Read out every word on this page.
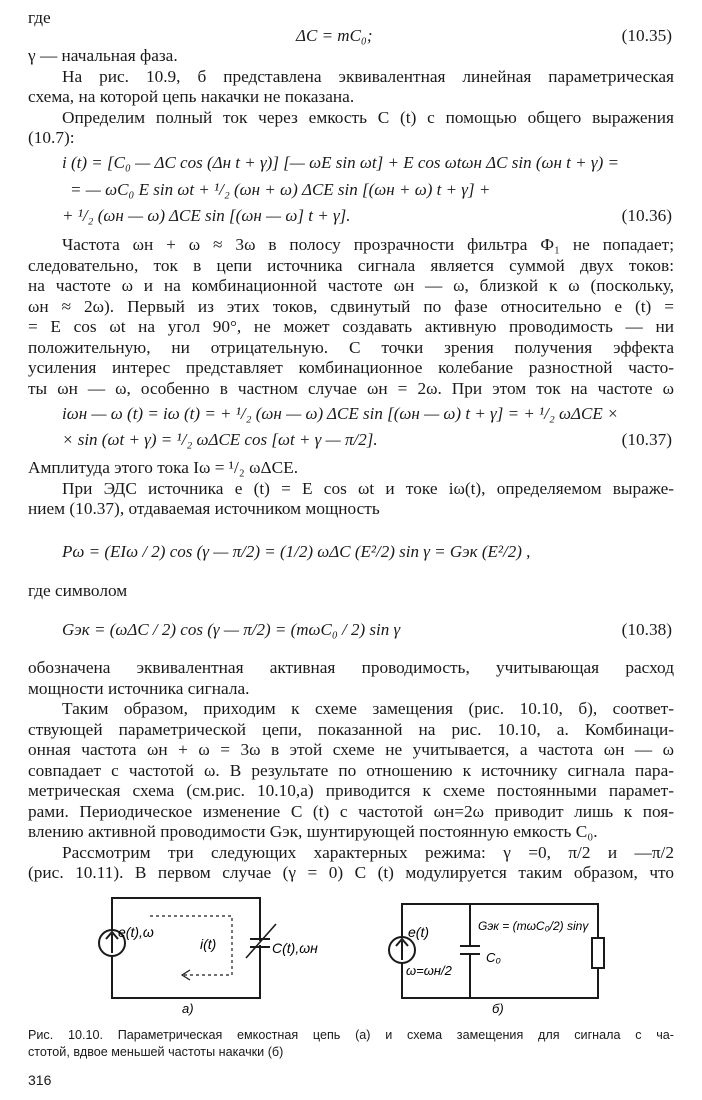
где
ΔC = mC₀;	(10.35)
γ — начальная фаза.
На рис. 10.9, б представлена эквивалентная линейная параметрическая
схема, на которой цепь накачки не показана.
Определим полный ток через емкость C (t) с помощью общего выражения
(10.7):
i (t) = [C₀ — ΔC cos (Δн t + γ)] [— ωE sin ωt] + E cos ωtωн ΔC sin (ωн t + γ) =
= — ωC₀ E sin ωt + ¹/₂ (ωн + ω) ΔCE sin [(ωн + ω) t + γ] +
+ ¹/₂ (ωн — ω) ΔCE sin [(ωн — ω] t + γ].	(10.36)
Частота ωн + ω ≈ 3ω в полосу прозрачности фильтра Ф₁ не попадает;
следовательно, ток в цепи источника сигнала является суммой двух токов:
на частоте ω и на комбинационной частоте ωн — ω, близкой к ω (поскольку,
ωн ≈ 2ω). Первый из этих токов, сдвинутый по фазе относительно e (t) =
= E cos ωt на угол 90°, не может создавать активную проводимость — ни
положительную, ни отрицательную. С точки зрения получения эффекта
усиления интерес представляет комбинационное колебание разностной часто-
ты ωн — ω, особенно в частном случае ωн = 2ω. При этом ток на частоте ω
iωн — ω (t) = iω (t) = + ¹/₂ (ωн — ω) ΔCE sin [(ωн — ω) t + γ] = + ¹/₂ ωΔCE ×
× sin (ωt + γ) = ¹/₂ ωΔCE cos [ωt + γ — π/2].	(10.37)
Амплитуда этого тока Iω = ¹/₂ ωΔCE.
При ЭДС источника e (t) = E cos ωt и токе iω(t), определяемом выраже-
нием (10.37), отдаваемая источником мощность
Pω = (EIω / 2) cos (γ — π/2) = (1/2) ωΔC (E²/2) sin γ = Gэк (E²/2) ,
где символом
Gэк = (ωΔC / 2) cos (γ — π/2) = (mωC₀ / 2) sin γ	(10.38)
обозначена эквивалентная активная проводимость, учитывающая расход
мощности источника сигнала.
Таким образом, приходим к схеме замещения (рис. 10.10, б), соответ-
ствующей параметрической цепи, показанной на рис. 10.10, а. Комбинаци-
онная частота ωн + ω = 3ω в этой схеме не учитывается, а частота ωн — ω
совпадает с частотой ω. В результате по отношению к источнику сигнала пара-
метрическая схема (см.рис. 10.10,а) приводится к схеме постоянными парамет-
рами. Периодическое изменение C (t) с частотой ωн=2ω приводит лишь к поя-
влению активной проводимости Gэк, шунтирующей постоянную емкость C₀.
Рассмотрим три следующих характерных режима: γ =0, π/2 и —π/2
(рис. 10.11). В первом случае (γ = 0) C (t) модулируется таким образом, что
e(t),ω
i(t)	C(t),ωн
а)
e(t)
ω=ωн/2
C₀
Gэк = (mωC₀/2) sinγ
б)
Рис. 10.10. Параметрическая емкостная цепь (а) и схема замещения для сигнала с ча-
стотой, вдвое меньшей частоты накачки (б)
316
